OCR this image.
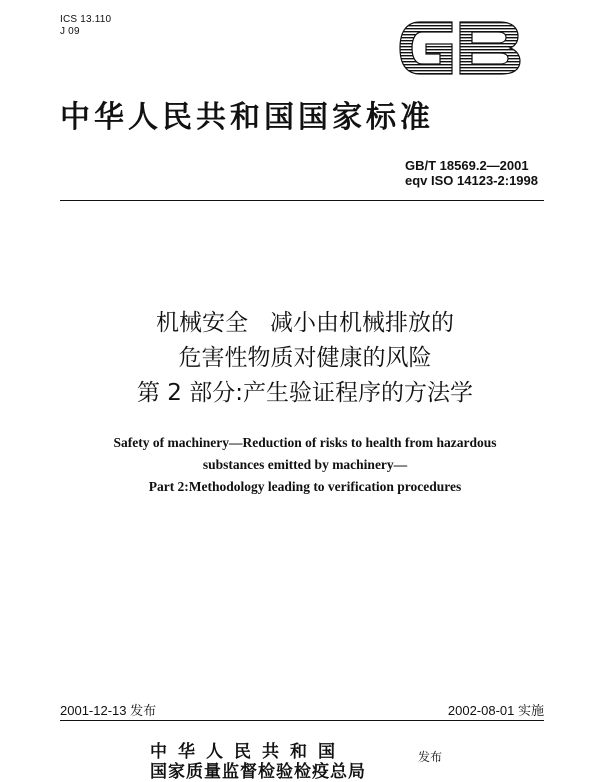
ICS 13.110
J 09
中华人民共和国国家标准
GB/T 18569.2—2001
eqv ISO 14123-2:1998
机械安全   减小由机械排放的
危害性物质对健康的风险
第 2 部分:产生验证程序的方法学
Safety of machinery—Reduction of risks to health from hazardous
substances emitted by machinery—
Part 2:Methodology leading to verification procedures
2001-12-13 发布	2002-08-01 实施
中华人民共和国
国家质量监督检验检疫总局
发布
